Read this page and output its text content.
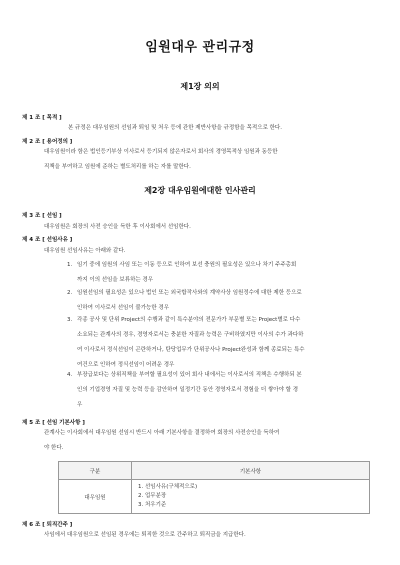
임원대우 관리규정
제1장 의의
제 1 조 [ 목적 ]
본 규정은 대우임원의 선임과 퇴임 및 처우 등에 관한 제반사항을 규정함을 목적으로 한다.
제 2 조 [ 용어정의 ]
대우임원이라 함은 법인등기부상 이사로서 등기되지 않은자로서 회사의 경영목적상 임원과 동등한
직책을 부여하고 임원에 준하는 별도처리를 하는 자를 말한다.
제2장 대우임원에대한 인사관리
제 3 조 [ 선임 ]
대우임원은 회장의 사전 승인을 득한 후 이사회에서 선임한다.
제 4 조 [ 선임사유 ]
대우임원 선임사유는 아래와 같다.
1. 임기 중에 임원의 사임 또는 이동 등으로 인하여 보선 충원의 필요성은 있으나 차기 주주총회
까지 이의 선임을 보류하는 경우
2. 임원선임의 필요성은 있으나 법인 또는 외국합작사와의 계약사상 임원정수에 대한 제한 등으로
인하여 이사로서 선임이 불가능한 경우
3. 각종 공사 및 단위 Project의 수행과 같이 특수분야의 전문가가 부문별 또는 Project별로 다수
소요되는 관계사의 경우, 경영자로서는 충분한 자질과 능력은 구비하였지만 이사의 수가 과다하
여 이사로서 정식선임이 곤란하거나, 탄당업무가 단위공사나 Project완성과 함께 종료되는 특수
여건으로 인하여 정식선임이 어려운 경우
4. 부장급보다는 상위직책을 부여할 필요성이 있어 회사 내에서는 이사로서의 직책은 수행하되 본
인의 기업경영 자질 및 능력 등을 감안하여 일정기간 동안 경영자로서 경험을 더 쌓아야 할 경
우
제 5 조 [ 선임 기본사항 ]
관계사는 이사회에서 대우임원 선임시 반드시 아래 기본사항을 결정하여 회장의 사전승인을 득하여
야 한다.
구분	기본사항
대우임원	1. 선임사유(구체적으로)
2. 업무분장
3. 처우기준
제 6 조 [ 퇴직간주 ]
사임에서 대우임원으로 선임된 경우에는 퇴직한 것으로 간주하고 퇴직금을 지급한다.
